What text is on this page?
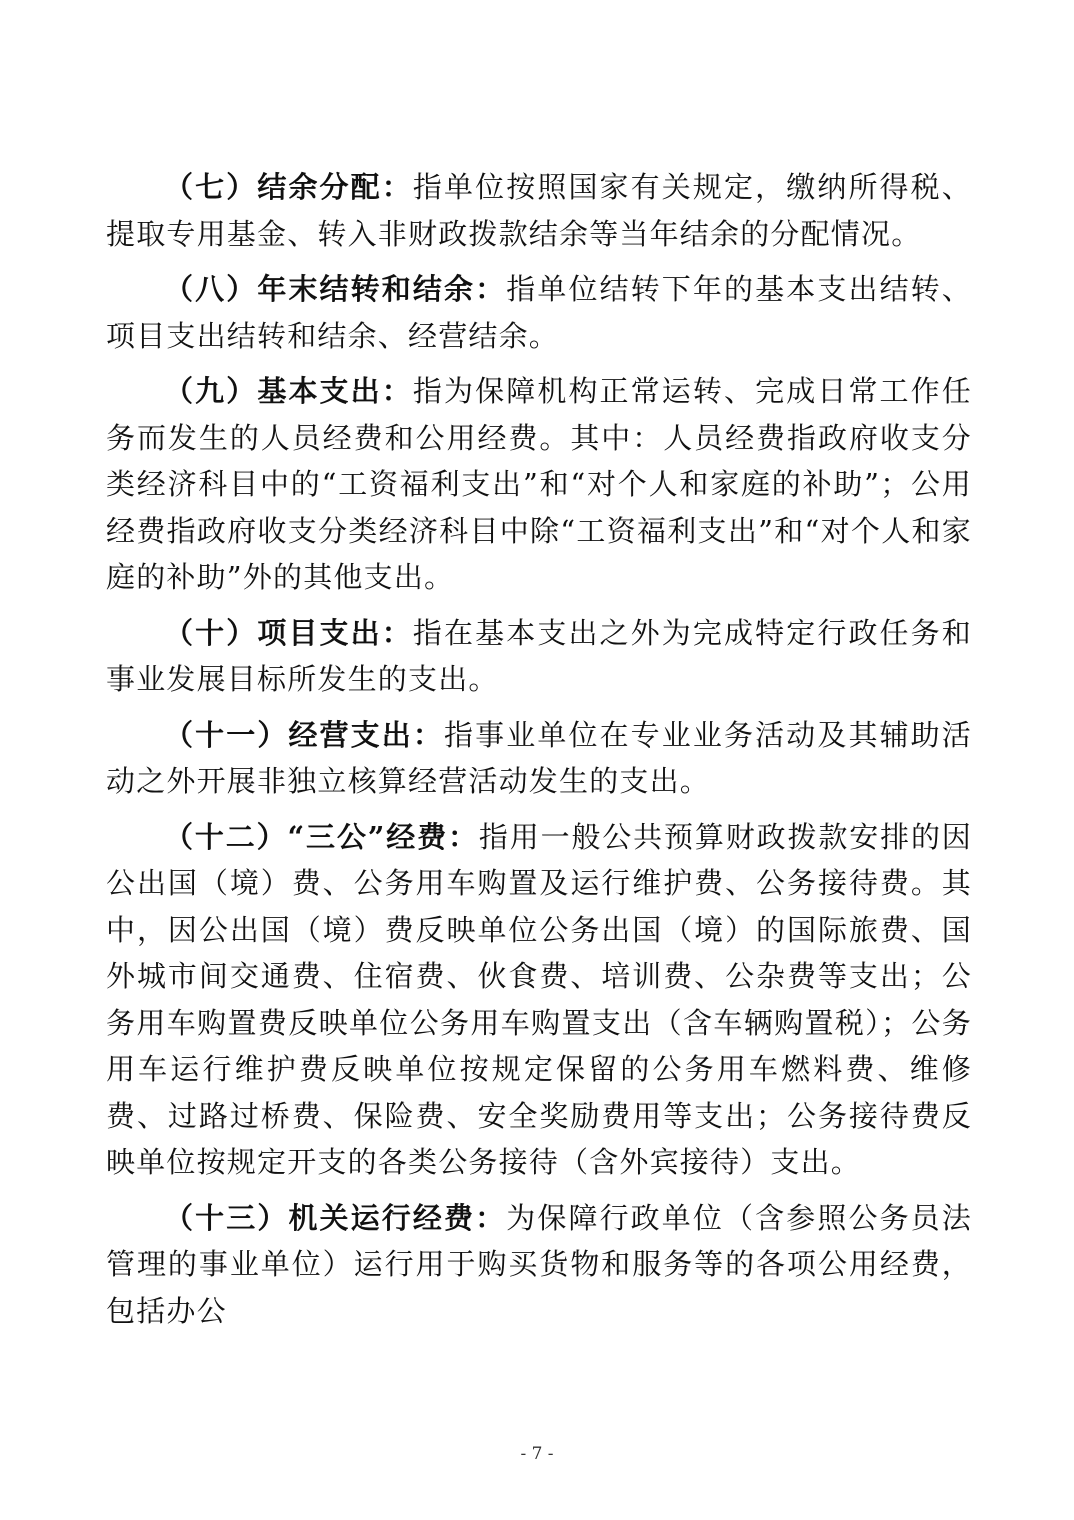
（七）结余分配：指单位按照国家有关规定，缴纳所得税、提取专用基金、转入非财政拨款结余等当年结余的分配情况。

（八）年末结转和结余：指单位结转下年的基本支出结转、项目支出结转和结余、经营结余。

（九）基本支出：指为保障机构正常运转、完成日常工作任务而发生的人员经费和公用经费。其中：人员经费指政府收支分类经济科目中的“工资福利支出”和“对个人和家庭的补助”；公用经费指政府收支分类经济科目中除“工资福利支出”和“对个人和家庭的补助”外的其他支出。

（十）项目支出：指在基本支出之外为完成特定行政任务和事业发展目标所发生的支出。

（十一）经营支出：指事业单位在专业业务活动及其辅助活动之外开展非独立核算经营活动发生的支出。

（十二）“三公”经费：指用一般公共预算财政拨款安排的因公出国（境）费、公务用车购置及运行维护费、公务接待费。其中，因公出国（境）费反映单位公务出国（境）的国际旅费、国外城市间交通费、住宿费、伙食费、培训费、公杂费等支出；公务用车购置费反映单位公务用车购置支出（含车辆购置税）；公务用车运行维护费反映单位按规定保留的公务用车燃料费、维修费、过路过桥费、保险费、安全奖励费用等支出；公务接待费反映单位按规定开支的各类公务接待（含外宾接待）支出。

（十三）机关运行经费：为保障行政单位（含参照公务员法管理的事业单位）运行用于购买货物和服务等的各项公用经费，包括办公

- 7 -
